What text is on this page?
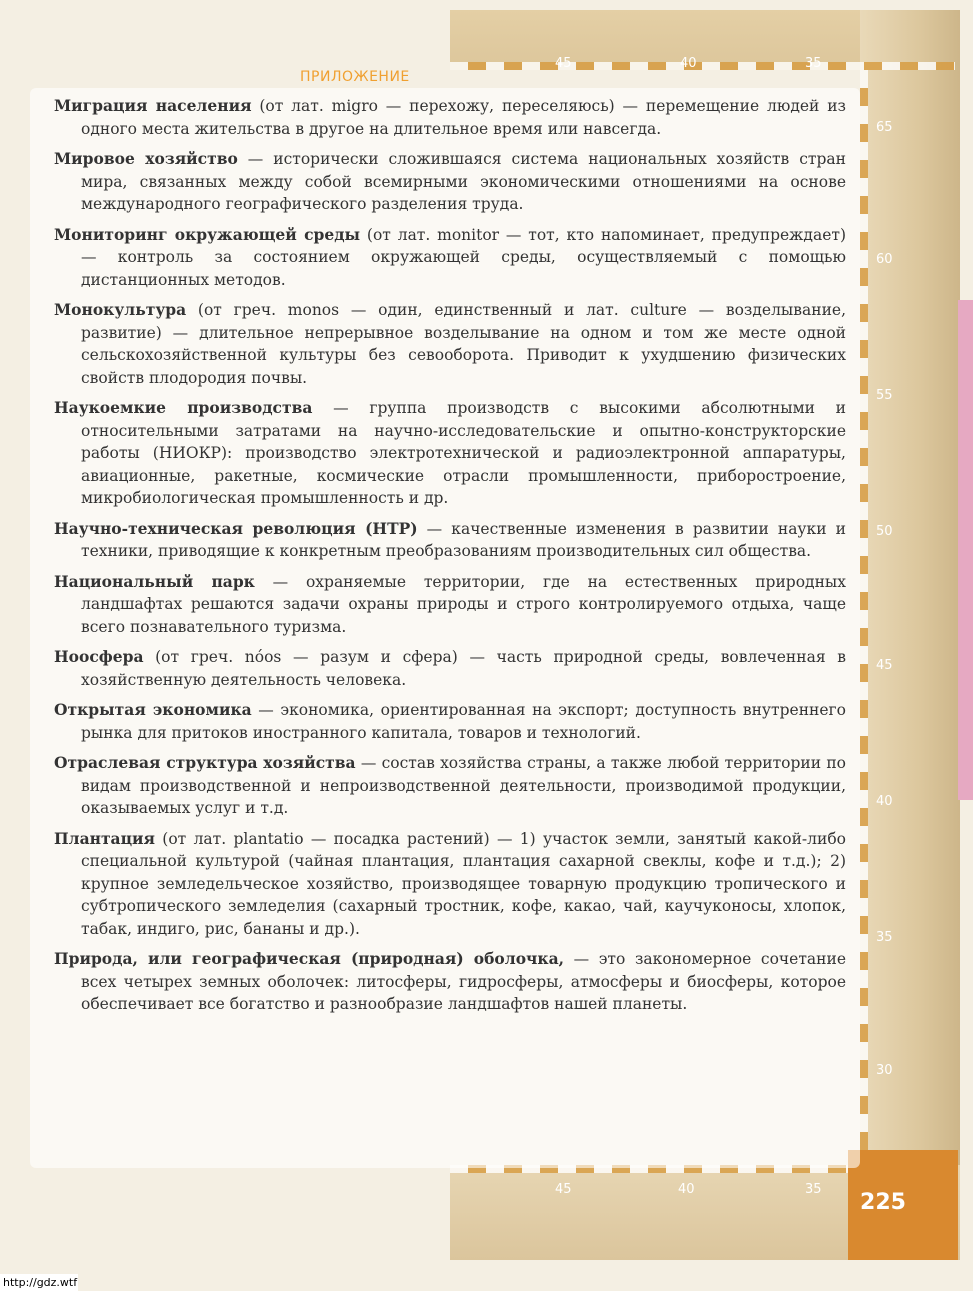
45	40	35
65
60
55
50
45
40
35
30
45	40	35
225
ПРИЛОЖЕНИЕ

Миграция населения (от лат. migro — перехожу, переселяюсь) — перемещение людей из одного места жительства в другое на длительное время или навсегда.

Мировое хозяйство — исторически сложившаяся система национальных хозяйств стран мира, связанных между собой всемирными экономическими отношениями на основе международного географического разделения труда.

Мониторинг окружающей среды (от лат. monitor — тот, кто напоминает, предупреждает) — контроль за состоянием окружающей среды, осуществляемый с помощью дистанционных методов.

Монокультура (от греч. monos — один, единственный и лат. culture — возделывание, развитие) — длительное непрерывное возделывание на одном и том же месте одной сельскохозяйственной культуры без севооборота. Приводит к ухудшению физических свойств плодородия почвы.

Наукоемкие производства — группа производств с высокими абсолютными и относительными затратами на научно-исследовательские и опытно-конструкторские работы (НИОКР): производство электротехнической и радиоэлектронной аппаратуры, авиационные, ракетные, космические отрасли промышленности, приборостроение, микробиологическая промышленность и др.

Научно-техническая революция (НТР) — качественные изменения в развитии науки и техники, приводящие к конкретным преобразованиям производительных сил общества.

Национальный парк — охраняемые территории, где на естественных природных ландшафтах решаются задачи охраны природы и строго контролируемого отдыха, чаще всего познавательного туризма.

Ноосфера (от греч. nóos — разум и сфера) — часть природной среды, вовлеченная в хозяйственную деятельность человека.

Открытая экономика — экономика, ориентированная на экспорт; доступность внутреннего рынка для притоков иностранного капитала, товаров и технологий.

Отраслевая структура хозяйства — состав хозяйства страны, а также любой территории по видам производственной и непроизводственной деятельности, производимой продукции, оказываемых услуг и т.д.

Плантация (от лат. plantatio — посадка растений) — 1) участок земли, занятый какой-либо специальной культурой (чайная плантация, плантация сахарной свеклы, кофе и т.д.); 2) крупное земледельческое хозяйство, производящее товарную продукцию тропического и субтропического земледелия (сахарный тростник, кофе, какао, чай, каучуконосы, хлопок, табак, индиго, рис, бананы и др.).

Природа, или географическая (природная) оболочка, — это закономерное сочетание всех четырех земных оболочек: литосферы, гидросферы, атмосферы и биосферы, которое обеспечивает все богатство и разнообразие ландшафтов нашей планеты.

http://gdz.wtf
